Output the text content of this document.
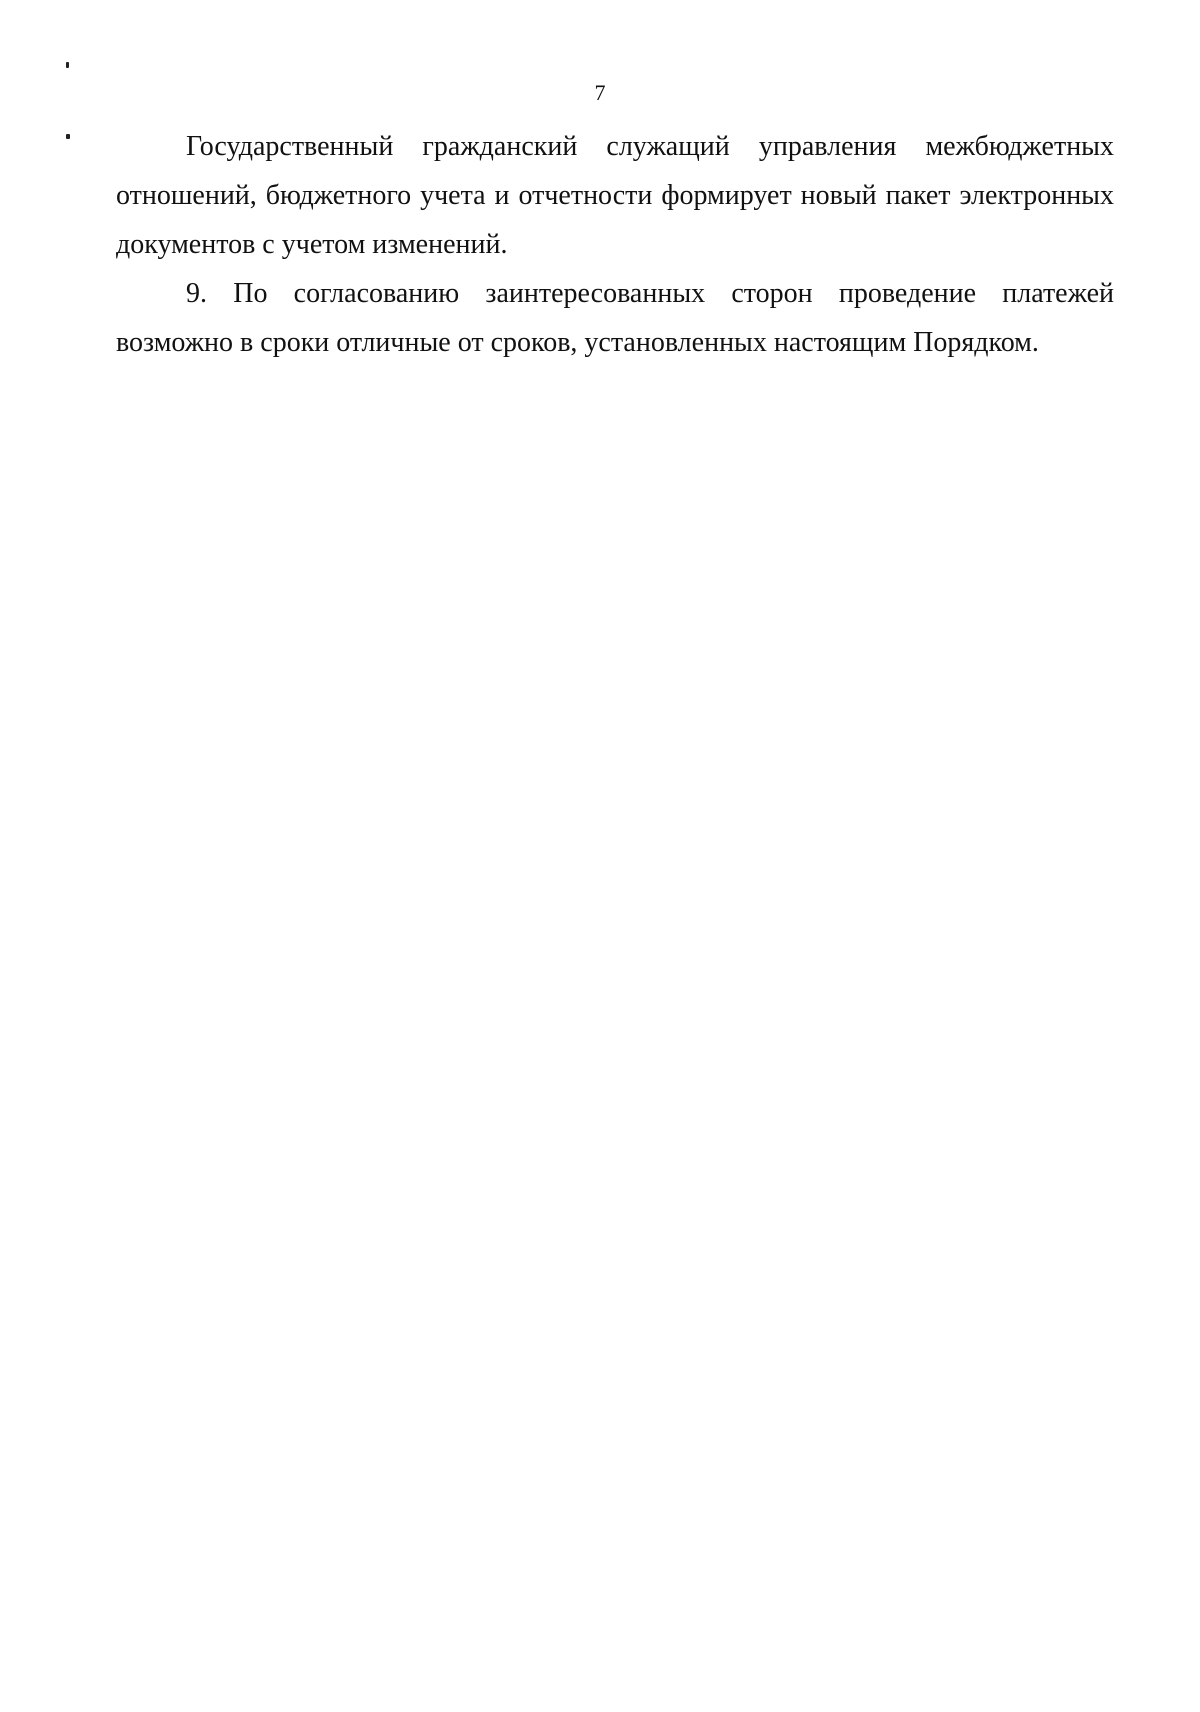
7

Государственный гражданский служащий управления межбюджетных отношений, бюджетного учета и отчетности формирует новый пакет электронных документов с учетом изменений.

9. По согласованию заинтересованных сторон проведение платежей возможно в сроки отличные от сроков, установленных настоящим Порядком.
